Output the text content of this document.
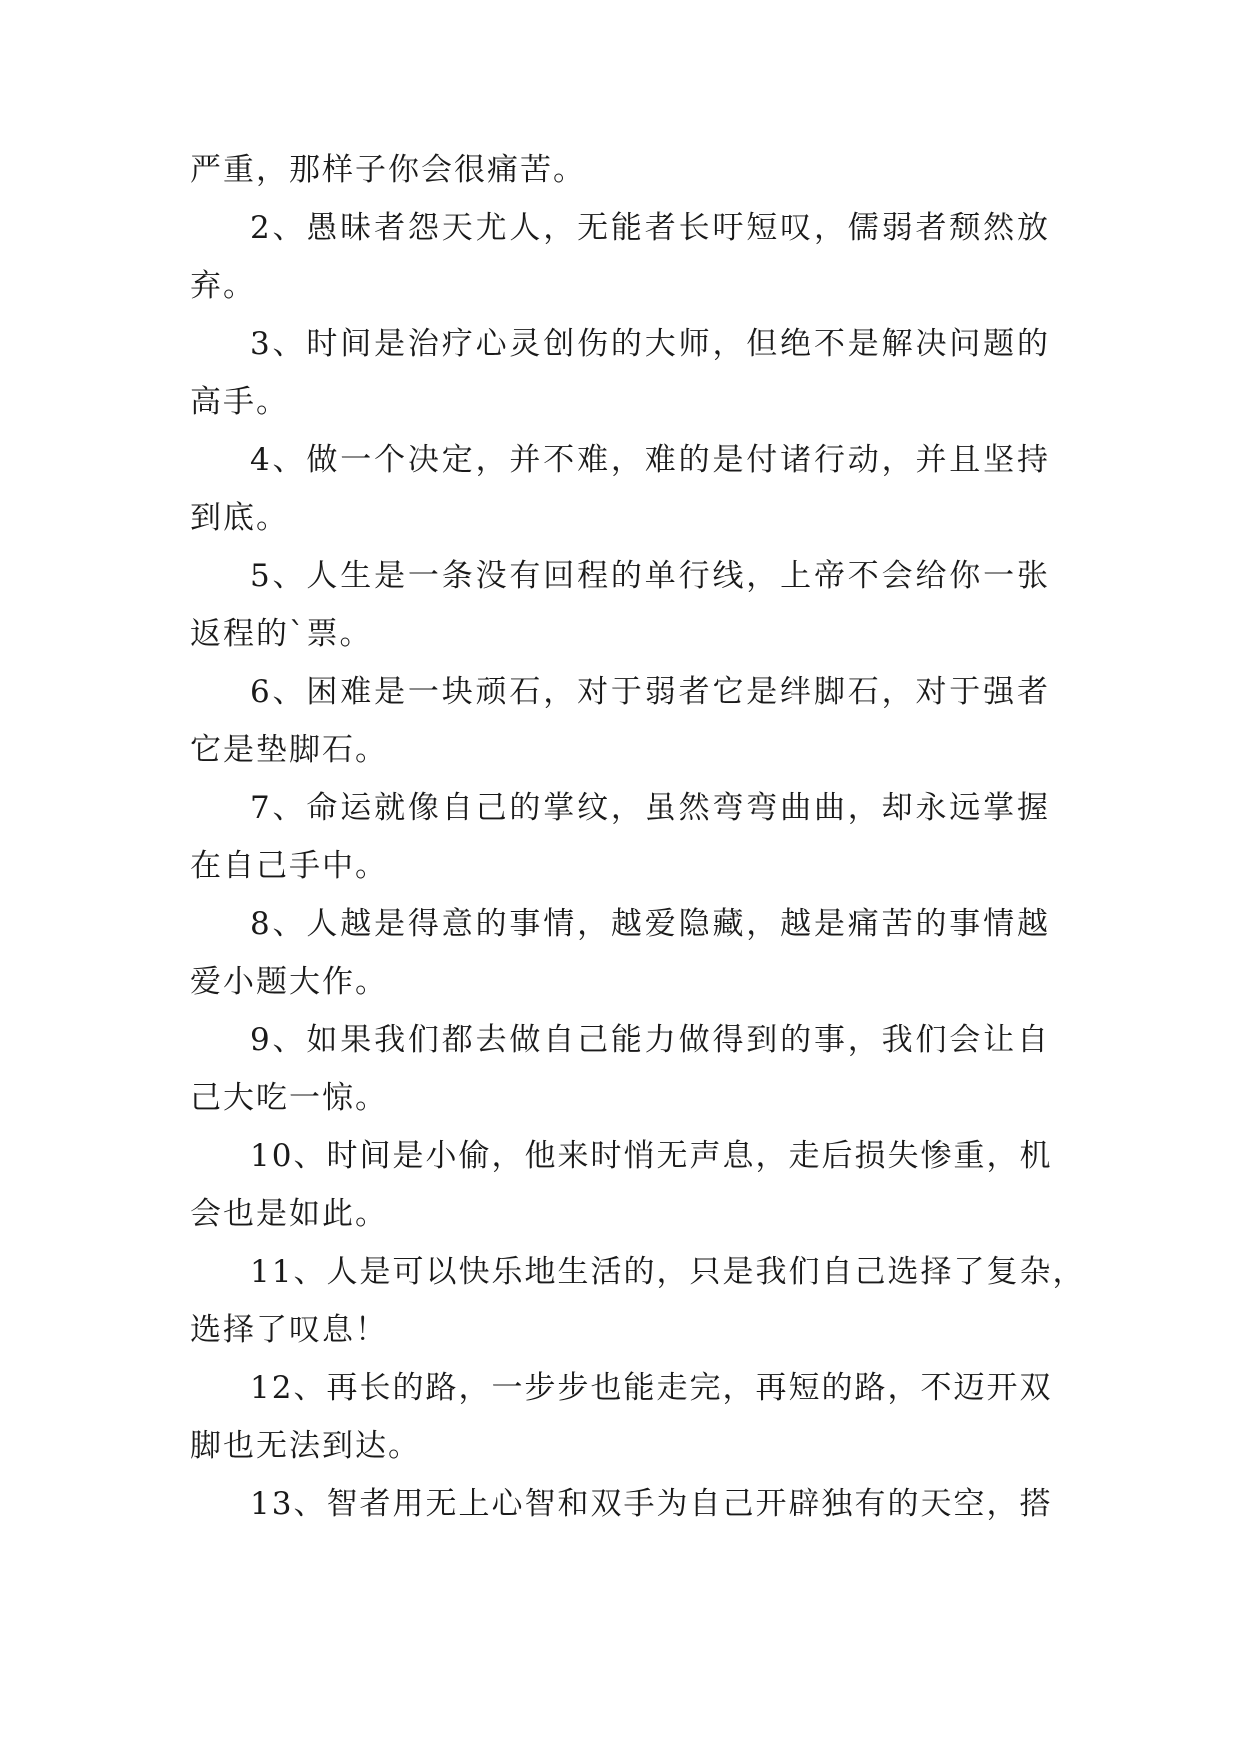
严重，那样子你会很痛苦。
2、愚昧者怨天尤人，无能者长吁短叹，儒弱者颓然放
弃。
3、时间是治疗心灵创伤的大师，但绝不是解决问题的
高手。
4、做一个决定，并不难，难的是付诸行动，并且坚持
到底。
5、人生是一条没有回程的单行线，上帝不会给你一张
返程的`票。
6、困难是一块顽石，对于弱者它是绊脚石，对于强者
它是垫脚石。
7、命运就像自己的掌纹，虽然弯弯曲曲，却永远掌握
在自己手中。
8、人越是得意的事情，越爱隐藏，越是痛苦的事情越
爱小题大作。
9、如果我们都去做自己能力做得到的事，我们会让自
己大吃一惊。
10、时间是小偷，他来时悄无声息，走后损失惨重，机
会也是如此。
11、人是可以快乐地生活的，只是我们自己选择了复杂，
选择了叹息！
12、再长的路，一步步也能走完，再短的路，不迈开双
脚也无法到达。
13、智者用无上心智和双手为自己开辟独有的天空，搭
